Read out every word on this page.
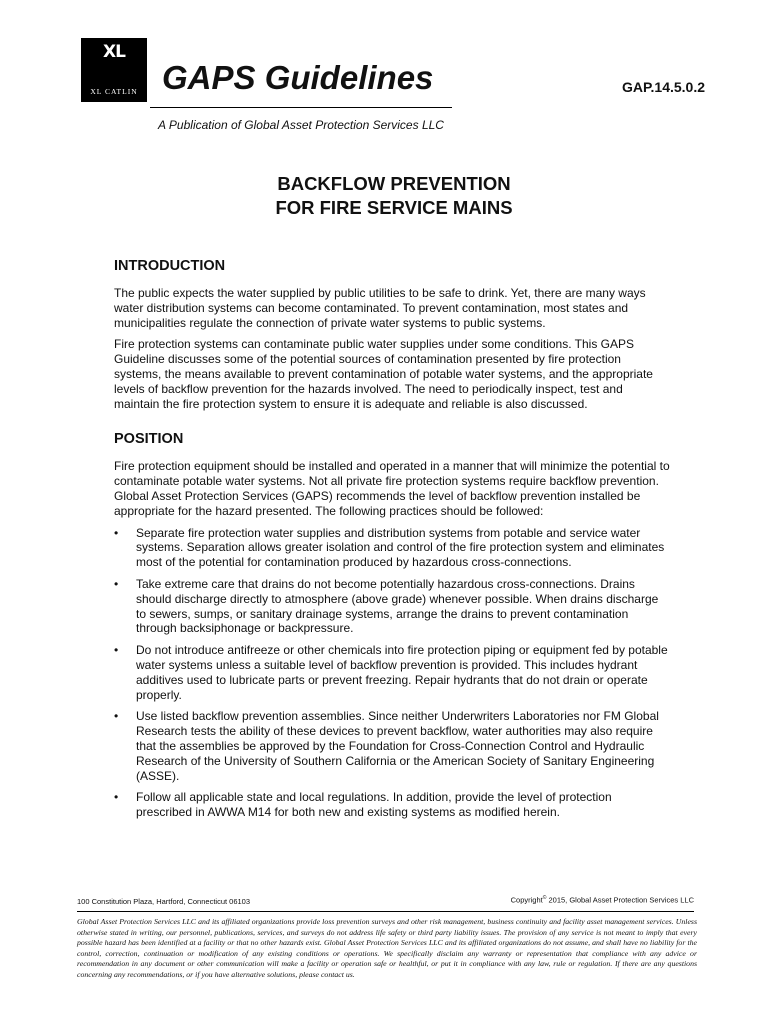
XL
XL CATLIN GAPS Guidelines	GAP.14.5.0.2
A Publication of Global Asset Protection Services LLC
BACKFLOW PREVENTION
FOR FIRE SERVICE MAINS
INTRODUCTION

The public expects the water supplied by public utilities to be safe to drink. Yet, there are many ways water distribution systems can become contaminated. To prevent contamination, most states and municipalities regulate the connection of private water systems to public systems.

Fire protection systems can contaminate public water supplies under some conditions. This GAPS Guideline discusses some of the potential sources of contamination presented by fire protection systems, the means available to prevent contamination of potable water systems, and the appropriate levels of backflow prevention for the hazards involved. The need to periodically inspect, test and maintain the fire protection system to ensure it is adequate and reliable is also discussed.

POSITION

Fire protection equipment should be installed and operated in a manner that will minimize the potential to contaminate potable water systems. Not all private fire protection systems require backflow prevention. Global Asset Protection Services (GAPS) recommends the level of backflow prevention installed be appropriate for the hazard presented. The following practices should be followed:

• Separate fire protection water supplies and distribution systems from potable and service water systems. Separation allows greater isolation and control of the fire protection system and eliminates most of the potential for contamination produced by hazardous cross-connections.
• Take extreme care that drains do not become potentially hazardous cross-connections. Drains should discharge directly to atmosphere (above grade) whenever possible. When drains discharge to sewers, sumps, or sanitary drainage systems, arrange the drains to prevent contamination through backsiphonage or backpressure.
• Do not introduce antifreeze or other chemicals into fire protection piping or equipment fed by potable water systems unless a suitable level of backflow prevention is provided. This includes hydrant additives used to lubricate parts or prevent freezing. Repair hydrants that do not drain or operate properly.
• Use listed backflow prevention assemblies. Since neither Underwriters Laboratories nor FM Global Research tests the ability of these devices to prevent backflow, water authorities may also require that the assemblies be approved by the Foundation for Cross-Connection Control and Hydraulic Research of the University of Southern California or the American Society of Sanitary Engineering (ASSE).
• Follow all applicable state and local regulations. In addition, provide the level of protection prescribed in AWWA M14 for both new and existing systems as modified herein.
100 Constitution Plaza, Hartford, Connecticut 06103	Copyright© 2015, Global Asset Protection Services LLC
Global Asset Protection Services LLC and its affiliated organizations provide loss prevention surveys and other risk management, business continuity and facility asset management services. Unless otherwise stated in writing, our personnel, publications, services, and surveys do not address life safety or third party liability issues. The provision of any service is not meant to imply that every possible hazard has been identified at a facility or that no other hazards exist. Global Asset Protection Services LLC and its affiliated organizations do not assume, and shall have no liability for the control, correction, continuation or modification of any existing conditions or operations. We specifically disclaim any warranty or representation that compliance with any advice or recommendation in any document or other communication will make a facility or operation safe or healthful, or put it in compliance with any law, rule or regulation. If there are any questions concerning any recommendations, or if you have alternative solutions, please contact us.
